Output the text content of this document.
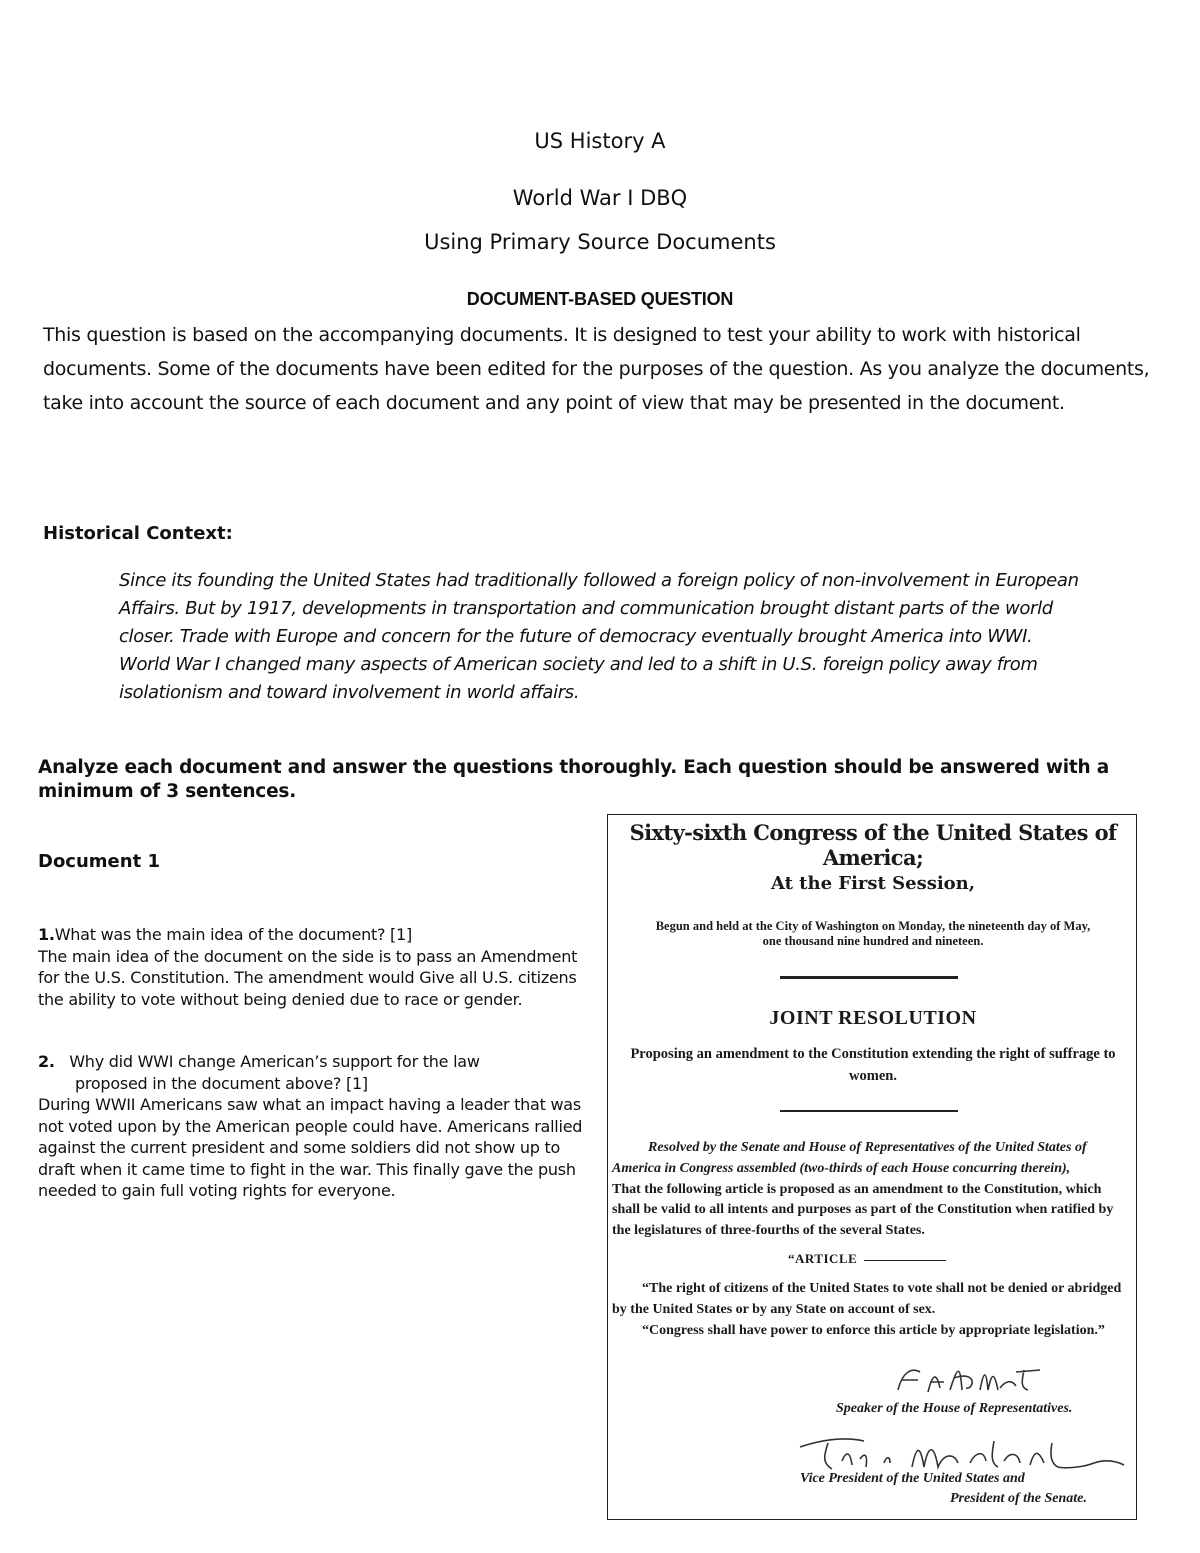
US History A
World War I DBQ
Using Primary Source Documents
DOCUMENT-BASED QUESTION
This question is based on the accompanying documents. It is designed to test your ability to work with historical documents. Some of the documents have been edited for the purposes of the question. As you analyze the documents, take into account the source of each document and any point of view that may be presented in the document.
Historical Context:
Since its founding the United States had traditionally followed a foreign policy of non-involvement in European Affairs. But by 1917, developments in transportation and communication brought distant parts of the world closer. Trade with Europe and concern for the future of democracy eventually brought America into WWI. World War I changed many aspects of American society and led to a shift in U.S. foreign policy away from isolationism and toward involvement in world affairs.
Analyze each document and answer the questions thoroughly. Each question should be answered with a minimum of 3 sentences.
Document 1
1.What was the main idea of the document? [1]
The main idea of the document on the side is to pass an Amendment for the U.S. Constitution. The amendment would Give all U.S. citizens the ability to vote without being denied due to race or gender.
2. Why did WWI change American’s support for the law
proposed in the document above? [1]
During WWII Americans saw what an impact having a leader that was not voted upon by the American people could have. Americans rallied against the current president and some soldiers did not show up to draft when it came time to fight in the war. This finally gave the push needed to gain full voting rights for everyone.
Sixty-sixth Congress of the United States of America;
At the First Session,
Begun and held at the City of Washington on Monday, the nineteenth day of May,
one thousand nine hundred and nineteen.
JOINT RESOLUTION
Proposing an amendment to the Constitution extending the right of suffrage to women.

Resolved by the Senate and House of Representatives of the United States of America in Congress assembled (two-thirds of each House concurring therein),

That the following article is proposed as an amendment to the Constitution, which shall be valid to all intents and purposes as part of the Constitution when ratified by the legislatures of three-fourths of the several States.

“ARTICLE

“The right of citizens of the United States to vote shall not be denied or abridged by the United States or by any State on account of sex.

“Congress shall have power to enforce this article by appropriate legislation.”

Speaker of the House of Representatives.
Vice President of the United States and
President of the Senate.
